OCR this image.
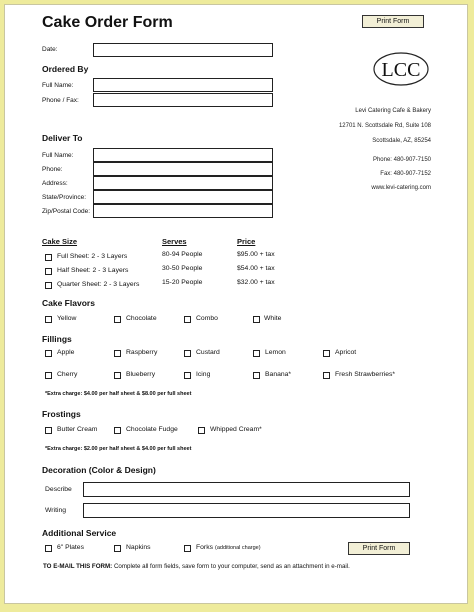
Cake Order Form	Print Form
Date:
Ordered By
Full Name:
Phone / Fax:
Deliver To
Full Name:
Phone:
Address:
State/Province:
Zip/Postal Code:
LCC
Levi Catering Cafe & Bakery
12701 N. Scottsdale Rd, Suite 108
Scottsdale, AZ, 85254
Phone: 480-907-7150
Fax: 480-907-7152
www.levi-catering.com
Cake Size	Serves	Price
Full Sheet: 2 - 3 Layers	80-94 People	$95.00 + tax
Half Sheet: 2 - 3 Layers	30-50 People	$54.00 + tax
Quarter Sheet: 2 - 3 Layers	15-20 People	$32.00 + tax
Cake Flavors
Yellow	Chocolate	Combo	White
Fillings
Apple	Raspberry	Custard	Lemon	Apricot
Cherry	Blueberry	Icing	Banana*	Fresh Strawberries*
*Extra charge: $4.00 per half sheet & $8.00 per full sheet
Frostings
Butter Cream	Chocolate Fudge	Whipped Cream*
*Extra charge: $2.00 per half sheet & $4.00 per full sheet
Decoration (Color & Design)
Describe
Writing
Additional Service
6" Plates	Napkins	Forks (additional charge)	Print Form
TO E-MAIL THIS FORM: Complete all form fields, save form to your computer, send as an attachment in e-mail.
